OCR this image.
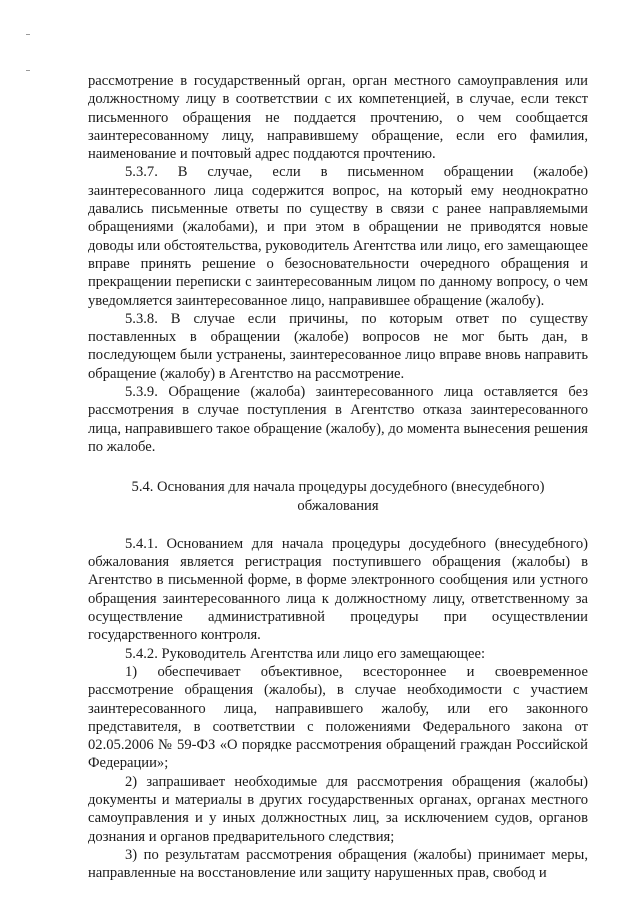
рассмотрение в государственный орган, орган местного самоуправления или должностному лицу в соответствии с их компетенцией, в случае, если текст письменного обращения не поддается прочтению, о чем сообщается заинтересованному лицу, направившему обращение, если его фамилия, наименование и почтовый адрес поддаются прочтению.

5.3.7. В случае, если в письменном обращении (жалобе) заинтересованного лица содержится вопрос, на который ему неоднократно давались письменные ответы по существу в связи с ранее направляемыми обращениями (жалобами), и при этом в обращении не приводятся новые доводы или обстоятельства, руководитель Агентства или лицо, его замещающее вправе принять решение о безосновательности очередного обращения и прекращении переписки с заинтересованным лицом по данному вопросу, о чем уведомляется заинтересованное лицо, направившее обращение (жалобу).

5.3.8. В случае если причины, по которым ответ по существу поставленных в обращении (жалобе) вопросов не мог быть дан, в последующем были устранены, заинтересованное лицо вправе вновь направить обращение (жалобу) в Агентство на рассмотрение.

5.3.9. Обращение (жалоба) заинтересованного лица оставляется без рассмотрения в случае поступления в Агентство отказа заинтересованного лица, направившего такое обращение (жалобу), до момента вынесения решения по жалобе.

5.4. Основания для начала процедуры досудебного (внесудебного)
обжалования

5.4.1. Основанием для начала процедуры досудебного (внесудебного) обжалования является регистрация поступившего обращения (жалобы) в Агентство в письменной форме, в форме электронного сообщения или устного обращения заинтересованного лица к должностному лицу, ответственному за осуществление административной процедуры при осуществлении государственного контроля.

5.4.2. Руководитель Агентства или лицо его замещающее:

1) обеспечивает объективное, всестороннее и своевременное рассмотрение обращения (жалобы), в случае необходимости с участием заинтересованного лица, направившего жалобу, или его законного представителя, в соответствии с положениями Федерального закона от 02.05.2006 № 59-ФЗ «О порядке рассмотрения обращений граждан Российской Федерации»;

2) запрашивает необходимые для рассмотрения обращения (жалобы) документы и материалы в других государственных органах, органах местного самоуправления и у иных должностных лиц, за исключением судов, органов дознания и органов предварительного следствия;

3) по результатам рассмотрения обращения (жалобы) принимает меры, направленные на восстановление или защиту нарушенных прав, свобод и
